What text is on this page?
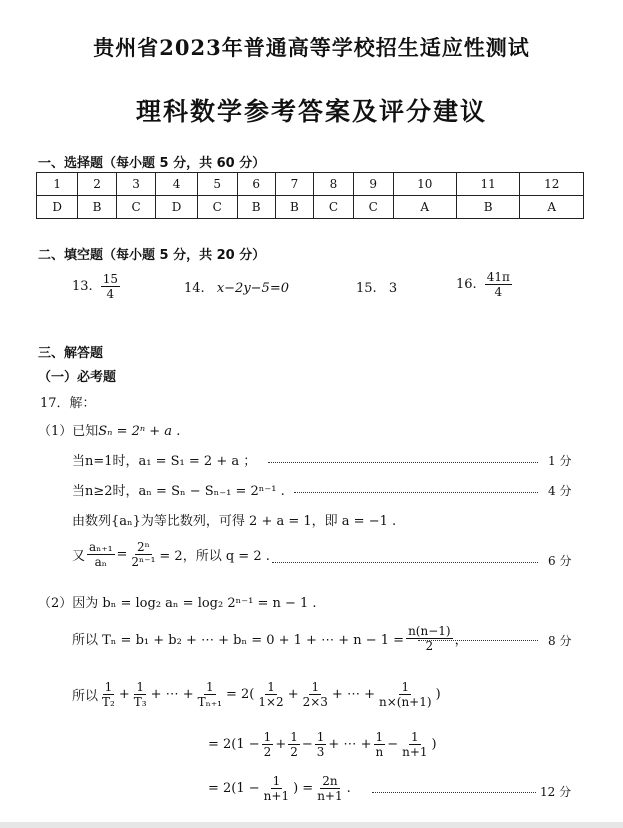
贵州省2023年普通高等学校招生适应性测试
理科数学参考答案及评分建议
一、选择题（每小题 5 分，共 60 分）
1	2	3	4	5	6	7	8	9	10	11	12
D	B	C	D	C	B	B	C	C	A	B	A
二、填空题（每小题 5 分，共 20 分）
13. $\frac{15}{4}$	14. x−2y−5=0	15. 3	16. $\frac{41\pi}{4}$
三、解答题
（一）必考题
17．解：
（1）已知Sₙ = 2ⁿ + a .
当n=1时，a₁ = S₁ = 2 + a ；	1 分
当n≥2时，aₙ = Sₙ − Sₙ₋₁ = 2ⁿ⁻¹ .	4 分
由数列{aₙ}为等比数列，可得 2 + a = 1，即 a = −1 .
又 $\frac{\text{aₙ₊₁}}{\text{aₙ}} = \frac{\text{2ⁿ}}{\text{2ⁿ⁻¹}} = 2$，所以 q = 2 .	6 分
（2）因为 bₙ = log₂ aₙ = log₂ 2ⁿ⁻¹ = n − 1 .
所以 Tₙ = b₁ + b₂ + ⋯ + bₙ = 0 + 1 + ⋯ + $n - 1 = \frac{n(n-1)}{2}$ ，	8 分
所以 $\frac{1}{\text{T₂}} + \frac{1}{\text{T₃}}$ + ⋯ + $\frac{1}{\text{Tₙ₊₁}} = 2( \frac{1}{1\times 2} + \frac{1}{2\times 3}$ + ⋯ + $\frac{1}{n\times(n+1)}$ )
= $2(1 - \frac{1}{2} + \frac{1}{2} - \frac{1}{3}$ + ⋯ + $\frac{1}{n} - \frac{1}{n+1}$ )
= $2(1 - \frac{1}{n+1}$ ) = $\frac{2n}{n+1}$ .	12 分
